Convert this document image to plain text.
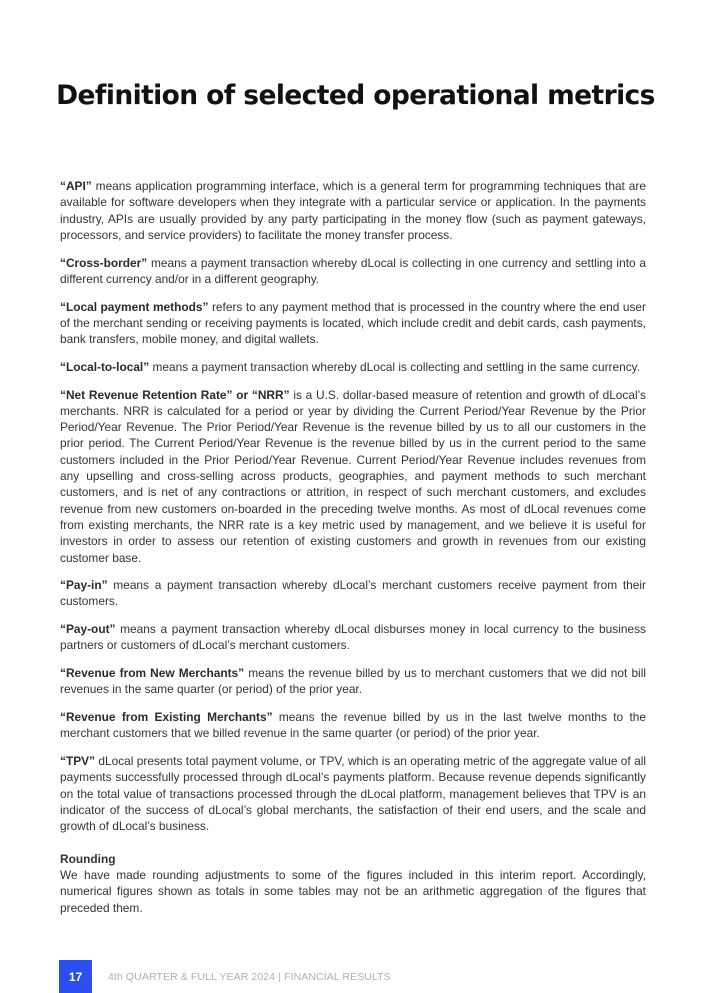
Definition of selected operational metrics

“API” means application programming interface, which is a general term for programming techniques that are available for software developers when they integrate with a particular service or application. In the payments industry, APIs are usually provided by any party participating in the money flow (such as payment gateways, processors, and service providers) to facilitate the money transfer process.

“Cross-border” means a payment transaction whereby dLocal is collecting in one currency and settling into a different currency and/or in a different geography.

“Local payment methods” refers to any payment method that is processed in the country where the end user of the merchant sending or receiving payments is located, which include credit and debit cards, cash payments, bank transfers, mobile money, and digital wallets.

“Local-to-local” means a payment transaction whereby dLocal is collecting and settling in the same currency.

“Net Revenue Retention Rate” or “NRR” is a U.S. dollar-based measure of retention and growth of dLocal’s merchants. NRR is calculated for a period or year by dividing the Current Period/Year Revenue by the Prior Period/Year Revenue. The Prior Period/Year Revenue is the revenue billed by us to all our customers in the prior period. The Current Period/Year Revenue is the revenue billed by us in the current period to the same customers included in the Prior Period/Year Revenue. Current Period/Year Revenue includes revenues from any upselling and cross-selling across products, geographies, and payment methods to such merchant customers, and is net of any contractions or attrition, in respect of such merchant customers, and excludes revenue from new customers on-boarded in the preceding twelve months. As most of dLocal revenues come from existing merchants, the NRR rate is a key metric used by management, and we believe it is useful for investors in order to assess our retention of existing customers and growth in revenues from our existing customer base.

“Pay-in” means a payment transaction whereby dLocal’s merchant customers receive payment from their customers.

“Pay-out” means a payment transaction whereby dLocal disburses money in local currency to the business partners or customers of dLocal’s merchant customers.

“Revenue from New Merchants” means the revenue billed by us to merchant customers that we did not bill revenues in the same quarter (or period) of the prior year.

“Revenue from Existing Merchants” means the revenue billed by us in the last twelve months to the merchant customers that we billed revenue in the same quarter (or period) of the prior year.

“TPV” dLocal presents total payment volume, or TPV, which is an operating metric of the aggregate value of all payments successfully processed through dLocal’s payments platform. Because revenue depends significantly on the total value of transactions processed through the dLocal platform, management believes that TPV is an indicator of the success of dLocal’s global merchants, the satisfaction of their end users, and the scale and growth of dLocal’s business.

Rounding

We have made rounding adjustments to some of the figures included in this interim report. Accordingly, numerical figures shown as totals in some tables may not be an arithmetic aggregation of the figures that preceded them.

17	4th QUARTER & FULL YEAR 2024 | FINANCIAL RESULTS
